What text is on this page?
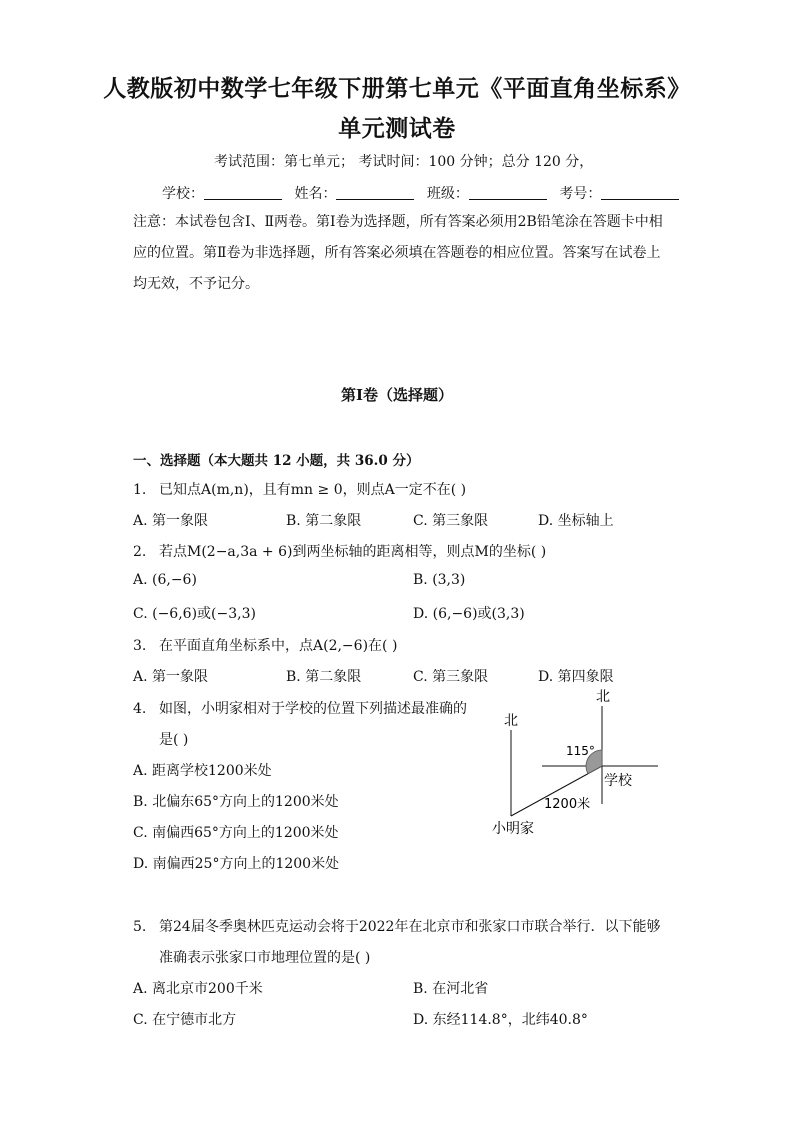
人教版初中数学七年级下册第七单元《平面直角坐标系》
单元测试卷
考试范围：第七单元； 考试时间：100 分钟；总分 120 分，
学校：	姓名：	班级：	考号：
注意：本试卷包含Ⅰ、Ⅱ两卷。第Ⅰ卷为选择题，所有答案必须用2B铅笔涂在答题卡中相应的位置。第Ⅱ卷为非选择题，所有答案必须填在答题卷的相应位置。答案写在试卷上均无效，不予记分。
第Ⅰ卷（选择题）
一、选择题（本大题共 12 小题，共 36.0 分）
1. 已知点A(m,n)，且有mn ≥ 0，则点A一定不在( )
A. 第一象限	B. 第二象限	C. 第三象限	D. 坐标轴上
2. 若点M(2−a,3a + 6)到两坐标轴的距离相等，则点M的坐标( )
A. (6,−6)	B. (3,3)
C. (−6,6)或(−3,3)	D. (6,−6)或(3,3)
3. 在平面直角坐标系中，点A(2,−6)在( )
A. 第一象限	B. 第二象限	C. 第三象限	D. 第四象限
4. 如图，小明家相对于学校的位置下列描述最准确的
是( )
A. 距离学校1200米处
B. 北偏东65°方向上的1200米处
C. 南偏西65°方向上的1200米处
D. 南偏西25°方向上的1200米处
北
北
115°
学校
1200米
小明家
5. 第24届冬季奥林匹克运动会将于2022年在北京市和张家口市联合举行．以下能够
准确表示张家口市地理位置的是( )
A. 离北京市200千米	B. 在河北省
C. 在宁德市北方	D. 东经114.8°，北纬40.8°
